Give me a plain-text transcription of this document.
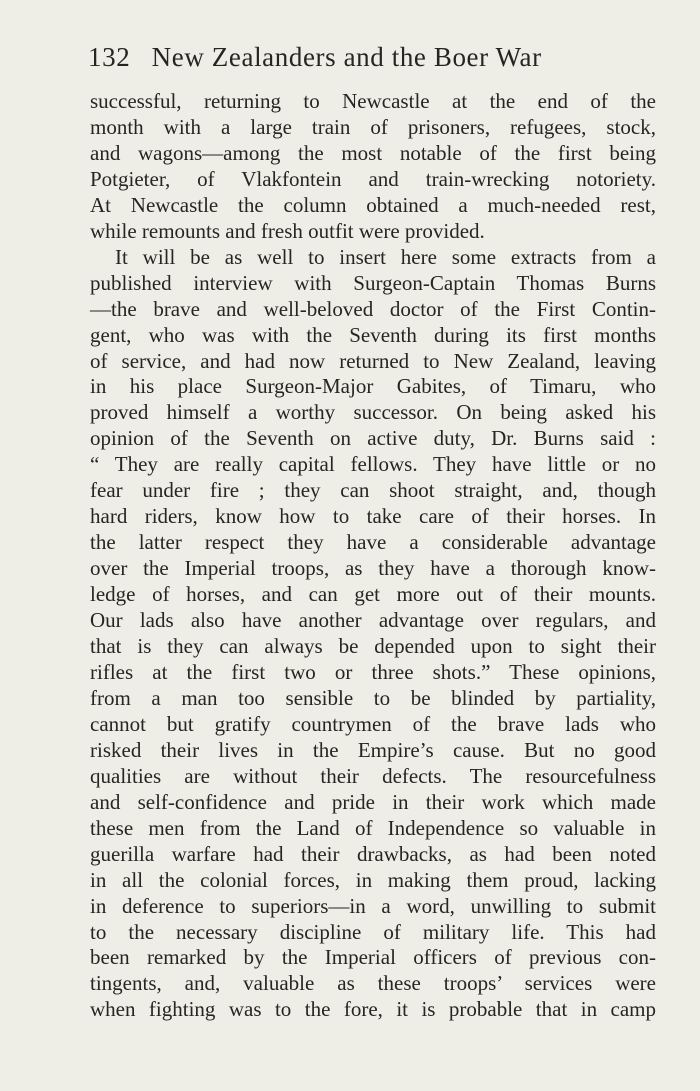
132 New Zealanders and the Boer War
successful, returning to Newcastle at the end of the
month with a large train of prisoners, refugees, stock,
and wagons—among the most notable of the first being
Potgieter, of Vlakfontein and train-wrecking notoriety.
At Newcastle the column obtained a much-needed rest,
while remounts and fresh outfit were provided.
It will be as well to insert here some extracts from a
published interview with Surgeon-Captain Thomas Burns
—the brave and well-beloved doctor of the First Contin-
gent, who was with the Seventh during its first months
of service, and had now returned to New Zealand, leaving
in his place Surgeon-Major Gabites, of Timaru, who
proved himself a worthy successor. On being asked his
opinion of the Seventh on active duty, Dr. Burns said :
“ They are really capital fellows. They have little or no
fear under fire ; they can shoot straight, and, though
hard riders, know how to take care of their horses. In
the latter respect they have a considerable advantage
over the Imperial troops, as they have a thorough know-
ledge of horses, and can get more out of their mounts.
Our lads also have another advantage over regulars, and
that is they can always be depended upon to sight their
rifles at the first two or three shots.” These opinions,
from a man too sensible to be blinded by partiality,
cannot but gratify countrymen of the brave lads who
risked their lives in the Empire’s cause. But no good
qualities are without their defects. The resourcefulness
and self-confidence and pride in their work which made
these men from the Land of Independence so valuable in
guerilla warfare had their drawbacks, as had been noted
in all the colonial forces, in making them proud, lacking
in deference to superiors—in a word, unwilling to submit
to the necessary discipline of military life. This had
been remarked by the Imperial officers of previous con-
tingents, and, valuable as these troops’ services were
when fighting was to the fore, it is probable that in camp
